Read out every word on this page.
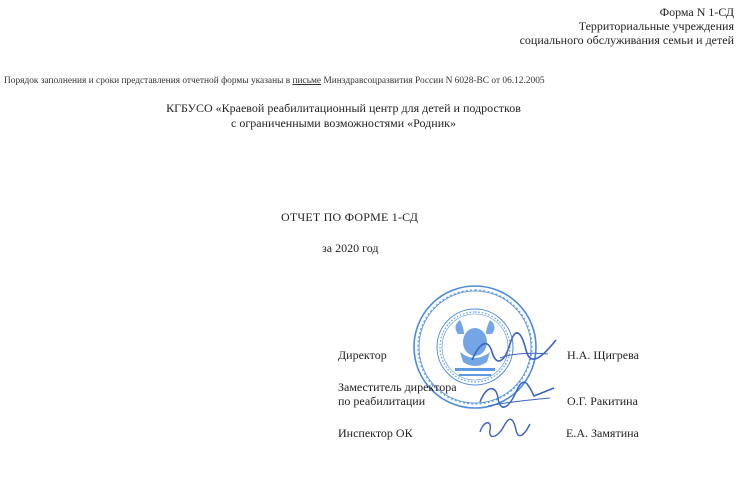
Форма N 1-СД
Территориальные учреждения
социального обслуживания семьи и детей
Порядок заполнения и сроки представления отчетной формы указаны в письме Минздравсоцразвития России N 6028-ВС от 06.12.2005
КГБУСО «Краевой реабилитационный центр для детей и подростков
с ограниченными возможностями «Родник»
ОТЧЕТ ПО ФОРМЕ 1-СД
за 2020 год
Директор	Н.А. Щигрева
Заместитель директора
по реабилитации	О.Г. Ракитина
Инспектор ОК	Е.А. Замятина
